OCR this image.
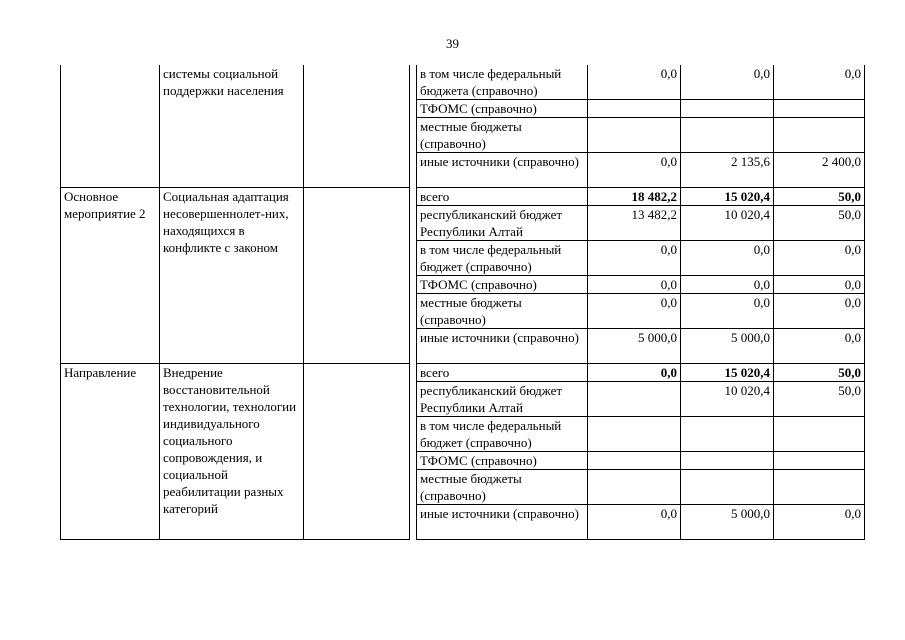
39
	системы социальной поддержки населения			в том числе федеральный бюджета (справочно)	0,0	0,0	0,0
				ТФОМС (справочно)			
				местные бюджеты (справочно)			
				иные источники (справочно)	0,0	2 135,6	2 400,0
Основное мероприятие 2	Социальная адаптация несовершеннолет-них, находящихся в конфликте с законом			всего	18 482,2	15 020,4	50,0
				республиканский бюджет Республики Алтай	13 482,2	10 020,4	50,0
				в том числе федеральный бюджет (справочно)	0,0	0,0	0,0
				ТФОМС (справочно)	0,0	0,0	0,0
				местные бюджеты (справочно)	0,0	0,0	0,0
				иные источники (справочно)	5 000,0	5 000,0	0,0
Направление	Внедрение восстановительной технологии, технологии индивидуального социального сопровождения, и социальной реабилитации разных категорий			всего	0,0	15 020,4	50,0
				республиканский бюджет Республики Алтай		10 020,4	50,0
				в том числе федеральный бюджет (справочно)			
				ТФОМС (справочно)			
				местные бюджеты (справочно)			
				иные источники (справочно)	0,0	5 000,0	0,0
